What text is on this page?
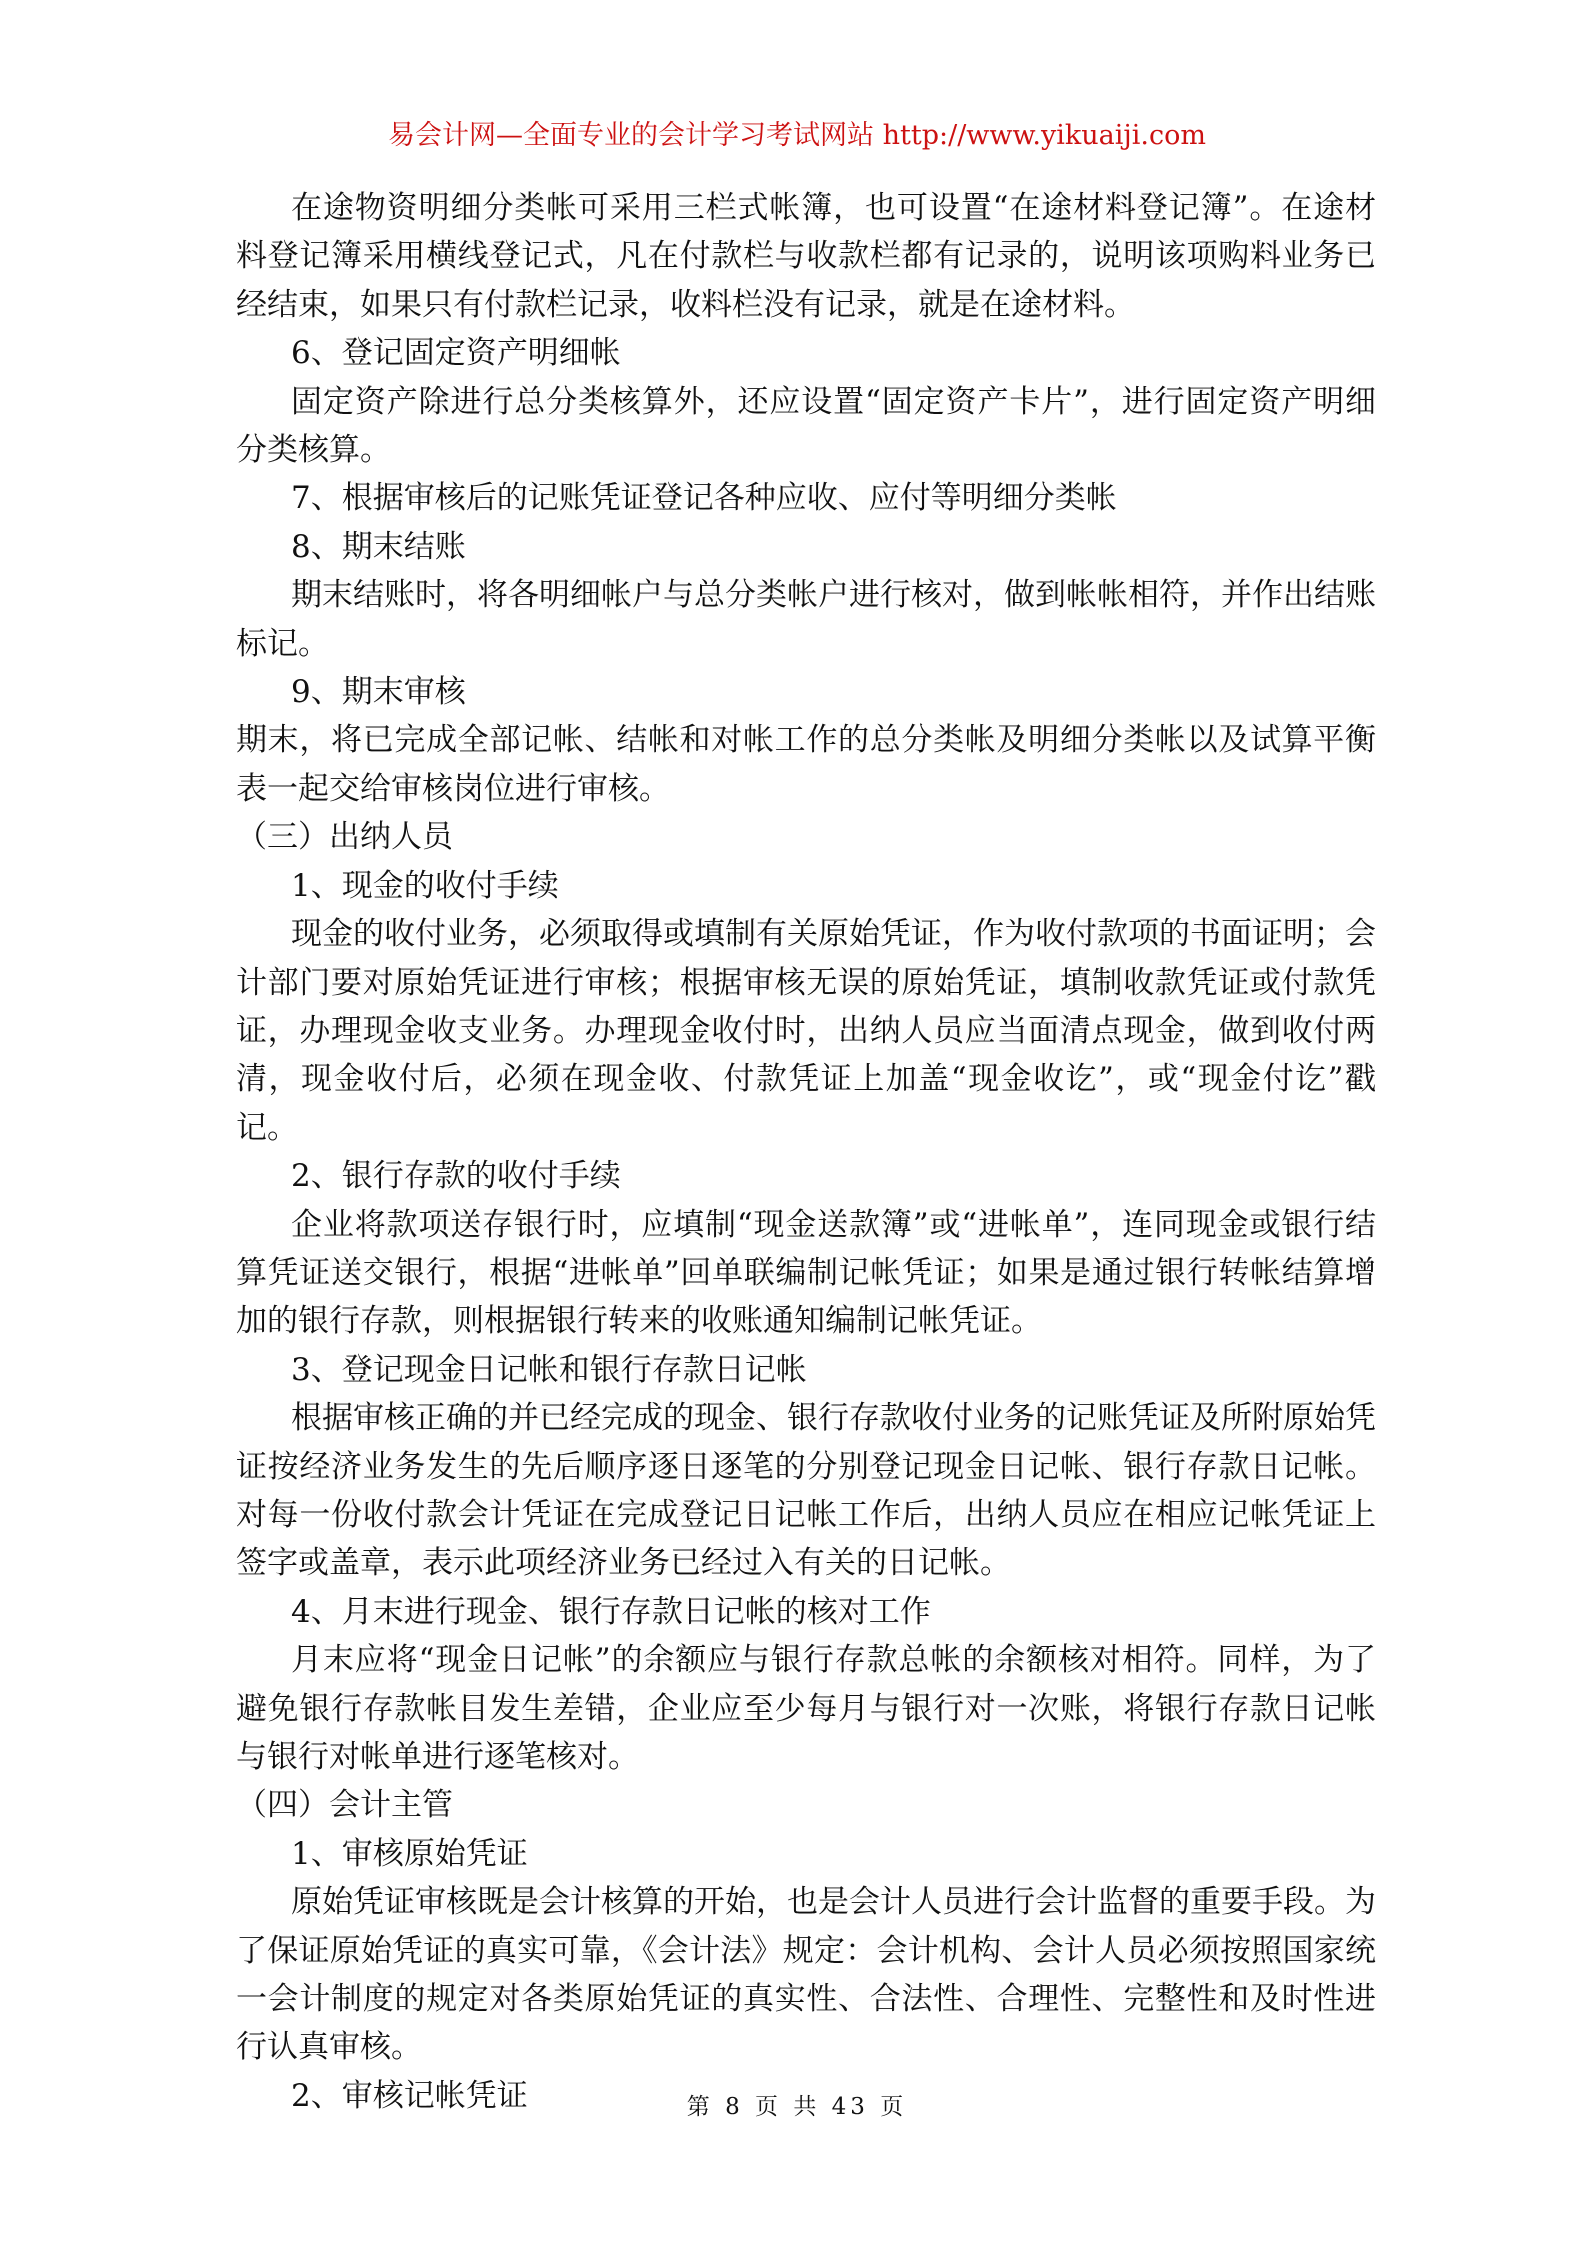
易会计网—全面专业的会计学习考试网站 http://www.yikuaiji.com

在途物资明细分类帐可采用三栏式帐簿，也可设置“在途材料登记簿”。在途材料登记簿采用横线登记式，凡在付款栏与收款栏都有记录的，说明该项购料业务已经结束，如果只有付款栏记录，收料栏没有记录，就是在途材料。

6、登记固定资产明细帐

固定资产除进行总分类核算外，还应设置“固定资产卡片”，进行固定资产明细分类核算。

7、根据审核后的记账凭证登记各种应收、应付等明细分类帐

8、期末结账

期末结账时，将各明细帐户与总分类帐户进行核对，做到帐帐相符，并作出结账标记。

9、期末审核

期末，将已完成全部记帐、结帐和对帐工作的总分类帐及明细分类帐以及试算平衡表一起交给审核岗位进行审核。

（三）出纳人员

1、现金的收付手续

现金的收付业务，必须取得或填制有关原始凭证，作为收付款项的书面证明；会计部门要对原始凭证进行审核；根据审核无误的原始凭证，填制收款凭证或付款凭证，办理现金收支业务。办理现金收付时，出纳人员应当面清点现金，做到收付两清，现金收付后，必须在现金收、付款凭证上加盖“现金收讫”，或“现金付讫”戳记。

2、银行存款的收付手续

企业将款项送存银行时，应填制“现金送款簿”或“进帐单”，连同现金或银行结算凭证送交银行，根据“进帐单”回单联编制记帐凭证；如果是通过银行转帐结算增加的银行存款，则根据银行转来的收账通知编制记帐凭证。

3、登记现金日记帐和银行存款日记帐

根据审核正确的并已经完成的现金、银行存款收付业务的记账凭证及所附原始凭证按经济业务发生的先后顺序逐日逐笔的分别登记现金日记帐、银行存款日记帐。对每一份收付款会计凭证在完成登记日记帐工作后，出纳人员应在相应记帐凭证上签字或盖章，表示此项经济业务已经过入有关的日记帐。

4、月末进行现金、银行存款日记帐的核对工作

月末应将“现金日记帐”的余额应与银行存款总帐的余额核对相符。同样，为了避免银行存款帐目发生差错，企业应至少每月与银行对一次账，将银行存款日记帐与银行对帐单进行逐笔核对。

（四）会计主管

1、审核原始凭证

原始凭证审核既是会计核算的开始，也是会计人员进行会计监督的重要手段。为了保证原始凭证的真实可靠，《会计法》规定：会计机构、会计人员必须按照国家统一会计制度的规定对各类原始凭证的真实性、合法性、合理性、完整性和及时性进行认真审核。

2、审核记帐凭证	第 8 页 共 43 页
